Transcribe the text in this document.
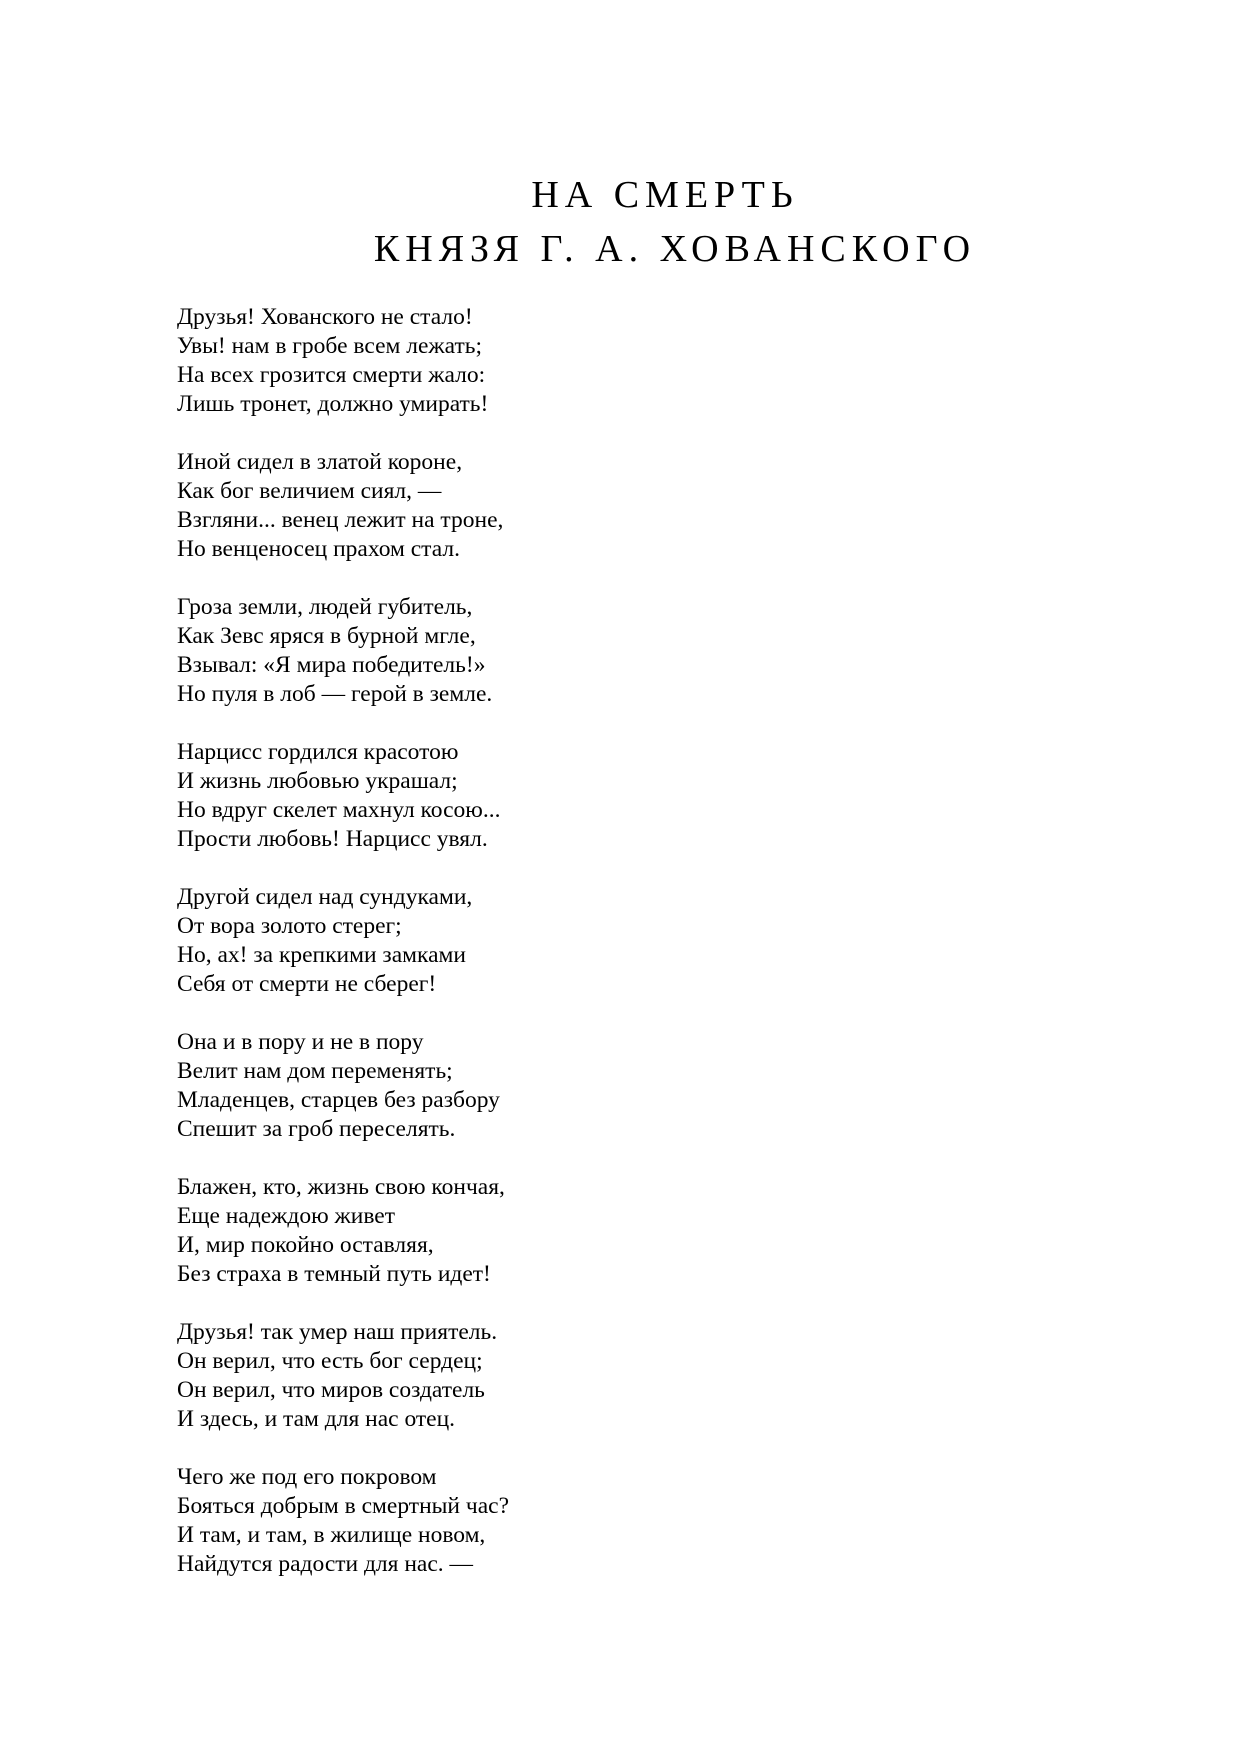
НА СМЕРТЬ
КНЯЗЯ Г. А. ХОВАНСКОГО
Друзья! Хованского не стало!
Увы! нам в гробе всем лежать;
На всех грозится смерти жало:
Лишь тронет, должно умирать!
Иной сидел в златой короне,
Как бог величием сиял, —
Взгляни... венец лежит на троне,
Но венценосец прахом стал.
Гроза земли, людей губитель,
Как Зевс яряся в бурной мгле,
Взывал: «Я мира победитель!»
Но пуля в лоб — герой в земле.
Нарцисс гордился красотою
И жизнь любовью украшал;
Но вдруг скелет махнул косою...
Прости любовь! Нарцисс увял.
Другой сидел над сундуками,
От вора золото стерег;
Но, ах! за крепкими замками
Себя от смерти не сберег!
Она и в пору и не в пору
Велит нам дом переменять;
Младенцев, старцев без разбору
Спешит за гроб переселять.
Блажен, кто, жизнь свою кончая,
Еще надеждою живет
И, мир покойно оставляя,
Без страха в темный путь идет!
Друзья! так умер наш приятель.
Он верил, что есть бог сердец;
Он верил, что миров создатель
И здесь, и там для нас отец.
Чего же под его покровом
Бояться добрым в смертный час?
И там, и там, в жилище новом,
Найдутся радости для нас. —
